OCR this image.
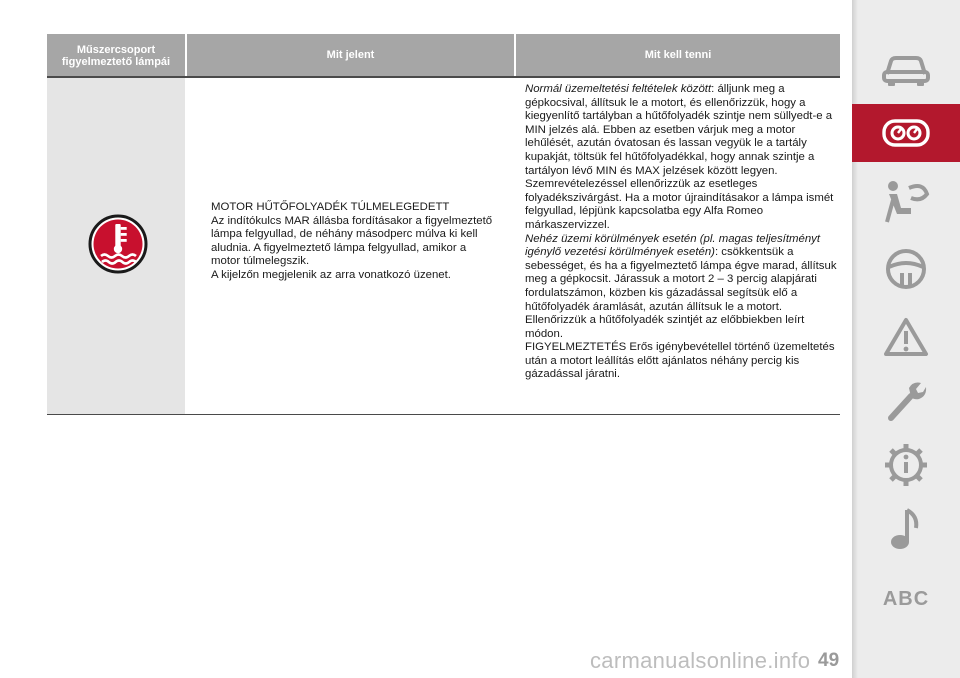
Műszercsoport
figyelmeztető lámpái
Mit jelent	Mit kell tenni
MOTOR HŰTŐFOLYADÉK TÚLMELEGEDETT
Az indítókulcs MAR állásba fordításakor a figyelmeztető
lámpa felgyullad, de néhány másodperc múlva ki kell
aludnia. A figyelmeztető lámpa felgyullad, amikor a
motor túlmelegszik.
A kijelzőn megjelenik az arra vonatkozó üzenet.

Normál üzemeltetési feltételek között: álljunk meg a gépkocsival, állítsuk le a motort, és ellenőrizzük, hogy a kiegyenlítő tartályban a hűtőfolyadék szintje nem süllyedt-e a MIN jelzés alá. Ebben az esetben várjuk meg a motor lehűlését, azután óvatosan és lassan vegyük le a tartály kupakját, töltsük fel hűtőfolyadékkal, hogy annak szintje a tartályon lévő MIN és MAX jelzések között legyen. Szemrevételezéssel ellenőrizzük az esetleges folyadékszivárgást. Ha a motor újraindításakor a lámpa ismét felgyullad, lépjünk kapcsolatba egy Alfa Romeo márkaszervizzel.

Nehéz üzemi körülmények esetén (pl. magas teljesítményt igénylő vezetési körülmények esetén): csökkentsük a sebességet, és ha a figyelmeztető lámpa égve marad, állítsuk meg a gépkocsit. Járassuk a motort 2 – 3 percig alapjárati fordulatszámon, közben kis gázadással segítsük elő a hűtőfolyadék áramlását, azután állítsuk le a motort. Ellenőrizzük a hűtőfolyadék szintjét az előbbiekben leírt módon.

FIGYELMEZTETÉS Erős igénybevétellel történő üzemeltetés után a motort leállítás előtt ajánlatos néhány percig kis gázadással járatni.

ABC
49
carmanualsonline.info
